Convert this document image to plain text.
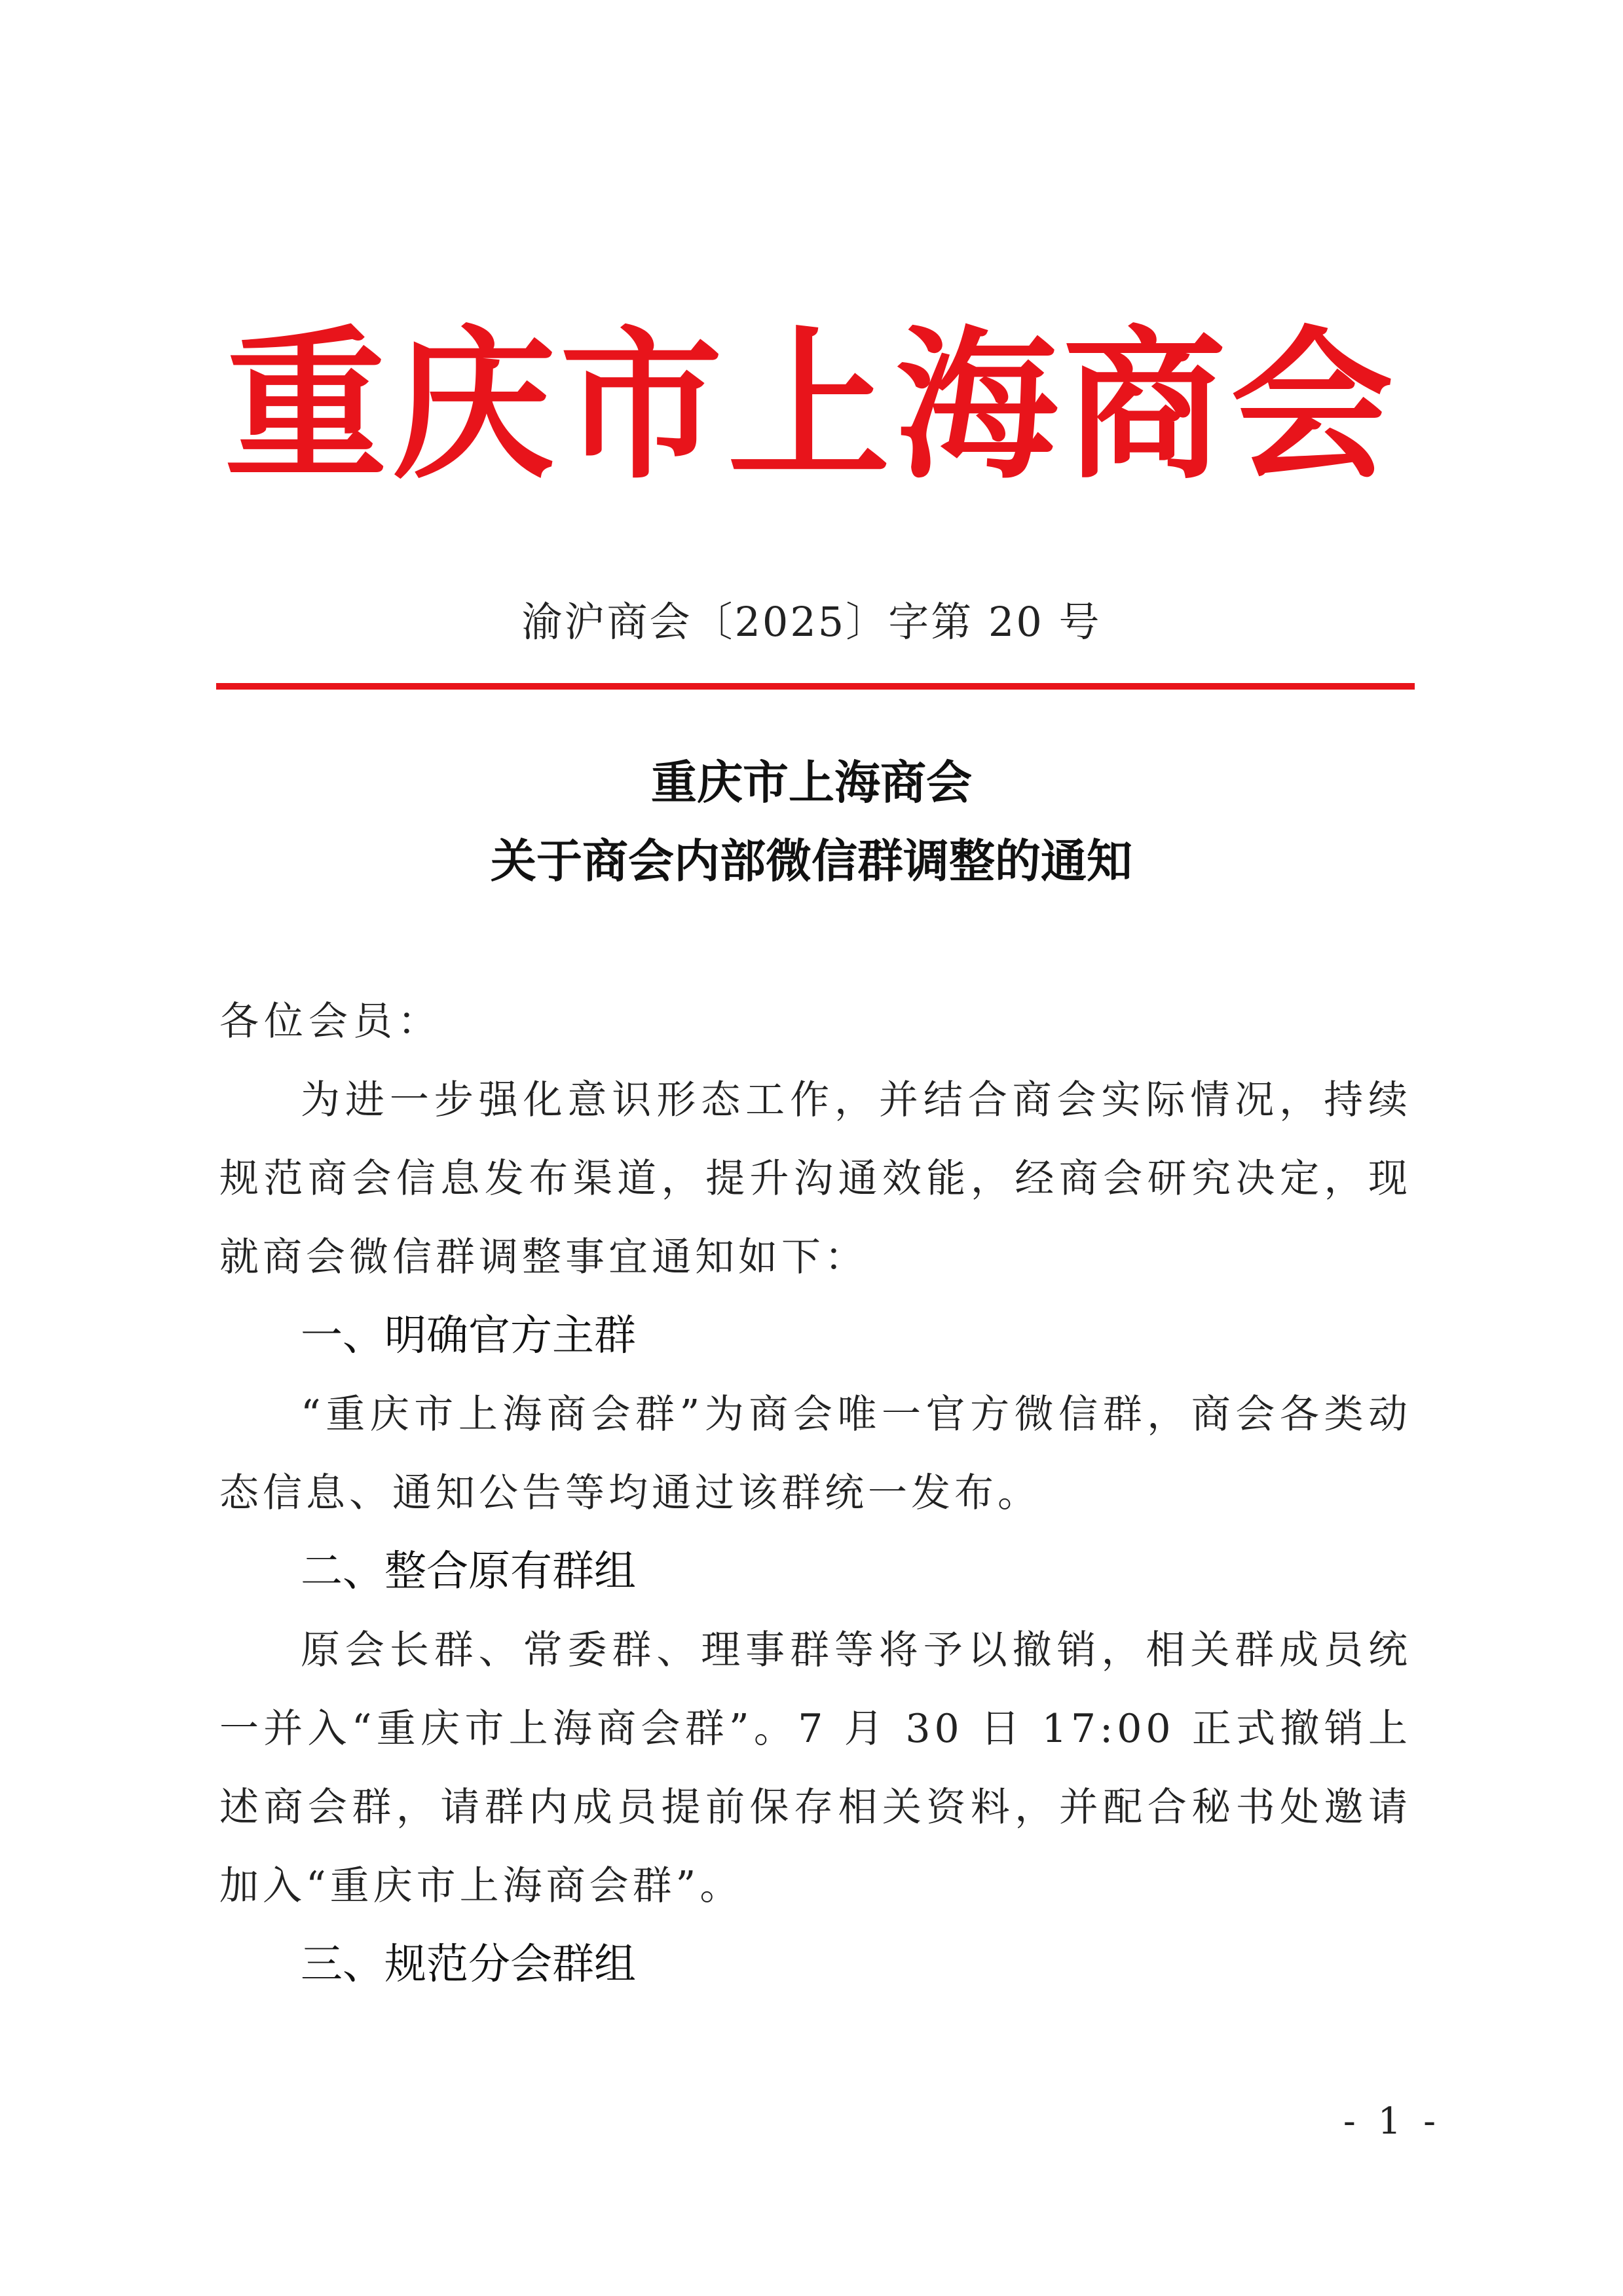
重庆市上海商会
渝沪商会〔2025〕字第 20 号
重庆市上海商会
关于商会内部微信群调整的通知
各位会员：
为进一步强化意识形态工作，并结合商会实际情况，持续规范商会信息发布渠道，提升沟通效能，经商会研究决定，现就商会微信群调整事宜通知如下：
一、明确官方主群
“重庆市上海商会群”为商会唯一官方微信群，商会各类动态信息、通知公告等均通过该群统一发布。
二、整合原有群组
原会长群、常委群、理事群等将予以撤销，相关群成员统一并入“重庆市上海商会群”。7 月 30 日 17:00 正式撤销上述商会群，请群内成员提前保存相关资料，并配合秘书处邀请加入“重庆市上海商会群”。
三、规范分会群组
- 1 -
